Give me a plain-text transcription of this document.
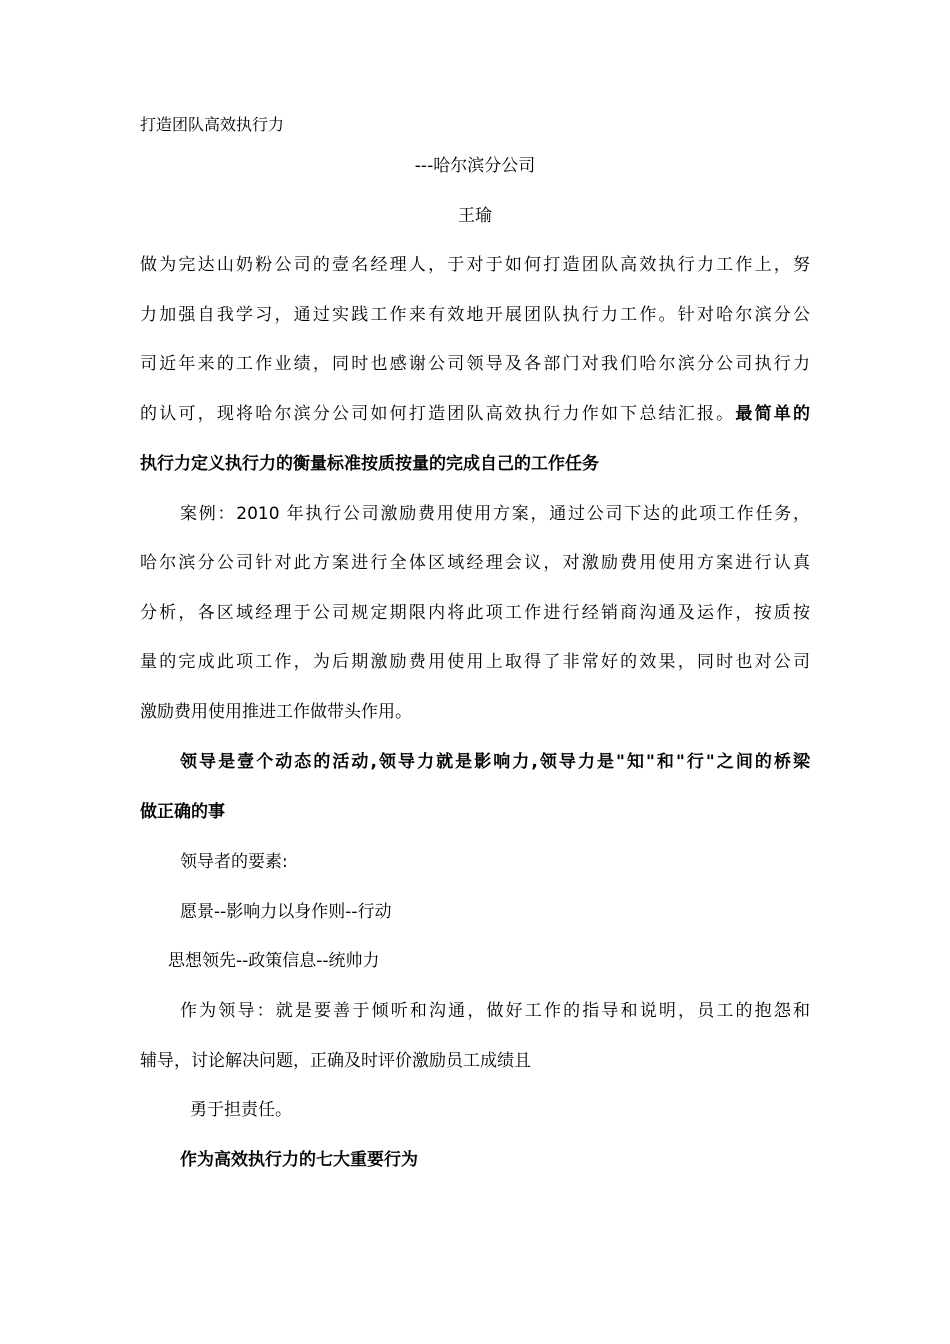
打造团队高效执行力
---哈尔滨分公司
王瑜
做为完达山奶粉公司的壹名经理人，于对于如何打造团队高效执行力工作上，努
力加强自我学习，通过实践工作来有效地开展团队执行力工作。针对哈尔滨分公
司近年来的工作业绩，同时也感谢公司领导及各部门对我们哈尔滨分公司执行力
的认可，现将哈尔滨分公司如何打造团队高效执行力作如下总结汇报。最简单的
执行力定义执行力的衡量标准按质按量的完成自己的工作任务
案例：2010 年执行公司激励费用使用方案，通过公司下达的此项工作任务，
哈尔滨分公司针对此方案进行全体区域经理会议，对激励费用使用方案进行认真
分析，各区域经理于公司规定期限内将此项工作进行经销商沟通及运作，按质按
量的完成此项工作，为后期激励费用使用上取得了非常好的效果，同时也对公司
激励费用使用推进工作做带头作用。
领导是壹个动态的活动,领导力就是影响力,领导力是"知"和"行"之间的桥梁
做正确的事
领导者的要素:
愿景--影响力以身作则--行动
思想领先--政策信息--统帅力
作为领导：就是要善于倾听和沟通，做好工作的指导和说明，员工的抱怨和
辅导，讨论解决问题，正确及时评价激励员工成绩且
勇于担责任。
作为高效执行力的七大重要行为
